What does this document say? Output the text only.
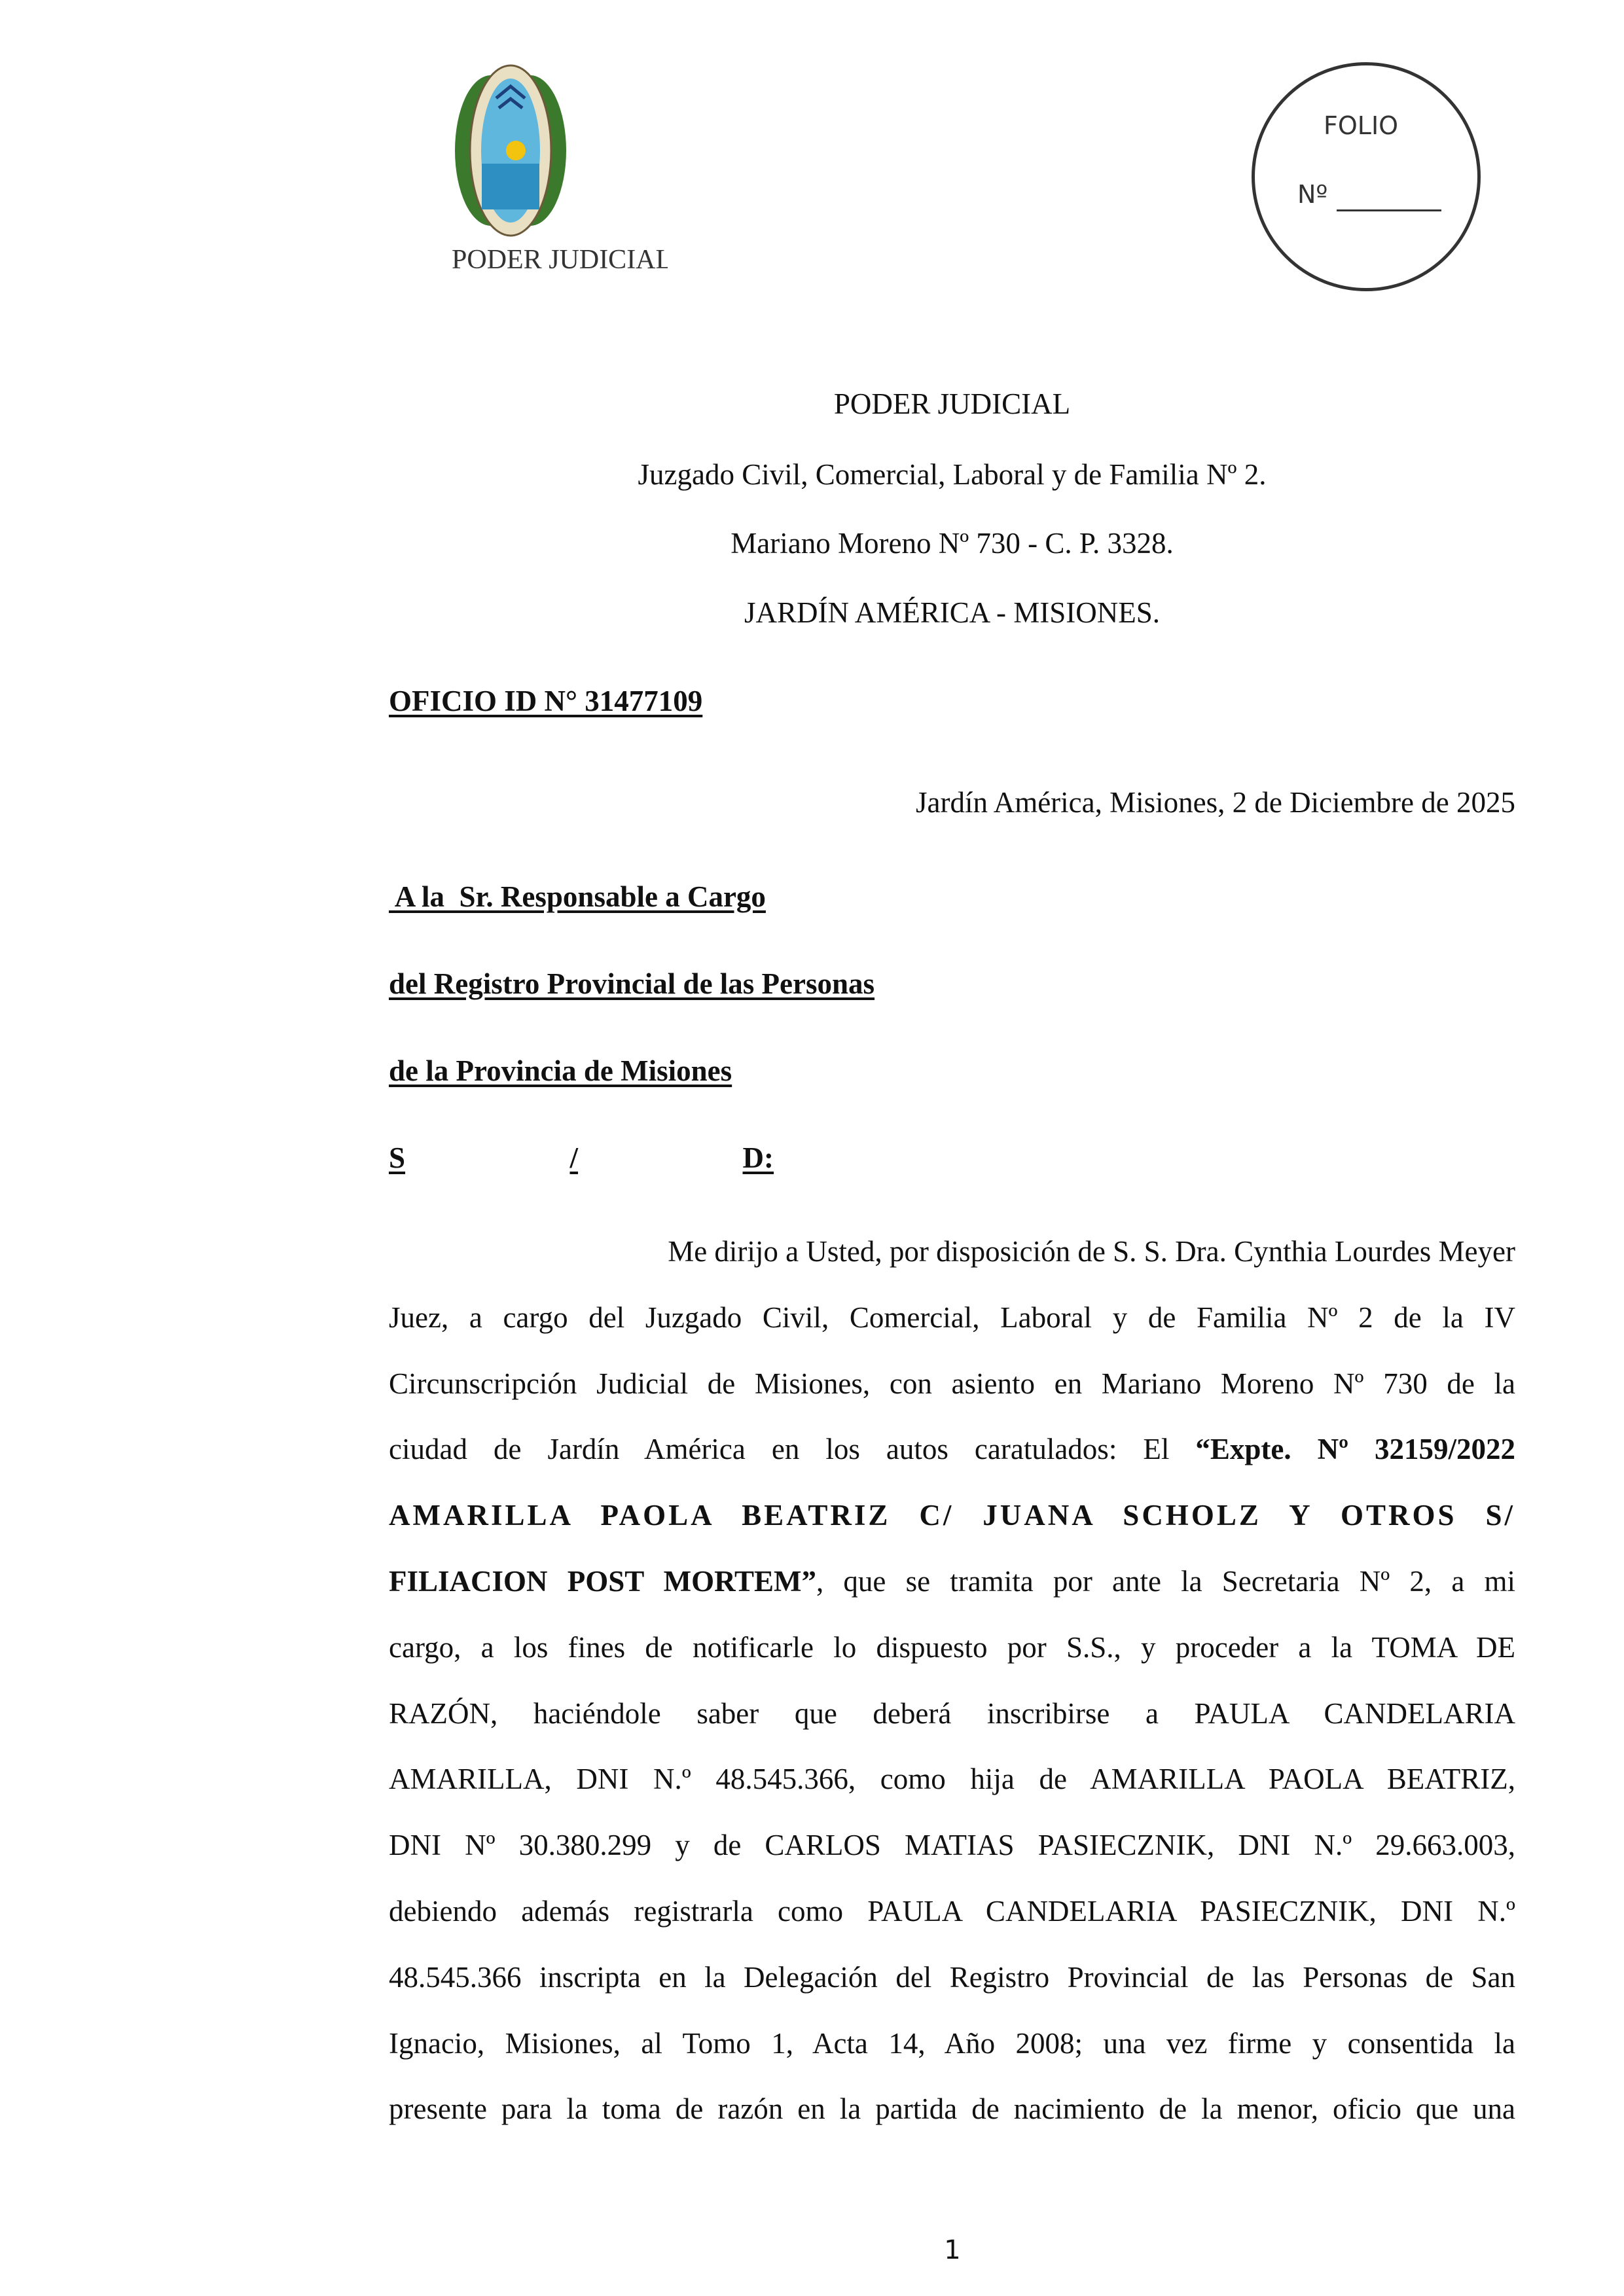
PODER JUDICIAL
FOLIO
Nº
PODER JUDICIAL
Juzgado Civil, Comercial, Laboral y de Familia Nº 2.
Mariano Moreno Nº 730 - C. P. 3328.
JARDÍN AMÉRICA - MISIONES.
OFICIO ID N° 31477109
Jardín América, Misiones, 2 de Diciembre de 2025
A la  Sr. Responsable a Cargo
del Registro Provincial de las Personas
de la Provincia de Misiones
S	/	D:
Me dirijo a Usted, por disposición de S. S. Dra. Cynthia Lourdes Meyer
Juez, a cargo del Juzgado Civil, Comercial, Laboral y de Familia Nº 2 de la IV
Circunscripción Judicial de Misiones, con asiento en Mariano Moreno Nº 730 de la
ciudad de Jardín América en los autos caratulados: El “Expte. Nº 32159/2022
AMARILLA PAOLA BEATRIZ C/ JUANA SCHOLZ Y OTROS S/
FILIACION POST MORTEM”, que se tramita por ante la Secretaria Nº 2, a mi
cargo, a los fines de notificarle lo dispuesto por S.S., y proceder a la TOMA DE
RAZÓN, haciéndole saber que deberá inscribirse a PAULA CANDELARIA
AMARILLA, DNI N.º 48.545.366, como hija de AMARILLA PAOLA BEATRIZ,
DNI Nº 30.380.299 y de CARLOS MATIAS PASIECZNIK, DNI N.º 29.663.003,
debiendo además registrarla como PAULA CANDELARIA PASIECZNIK, DNI N.º
48.545.366 inscripta en la Delegación del Registro Provincial de las Personas de San
Ignacio, Misiones, al Tomo 1, Acta 14, Año 2008; una vez firme y consentida la
presente para la toma de razón en la partida de nacimiento de la menor, oficio que una
1
